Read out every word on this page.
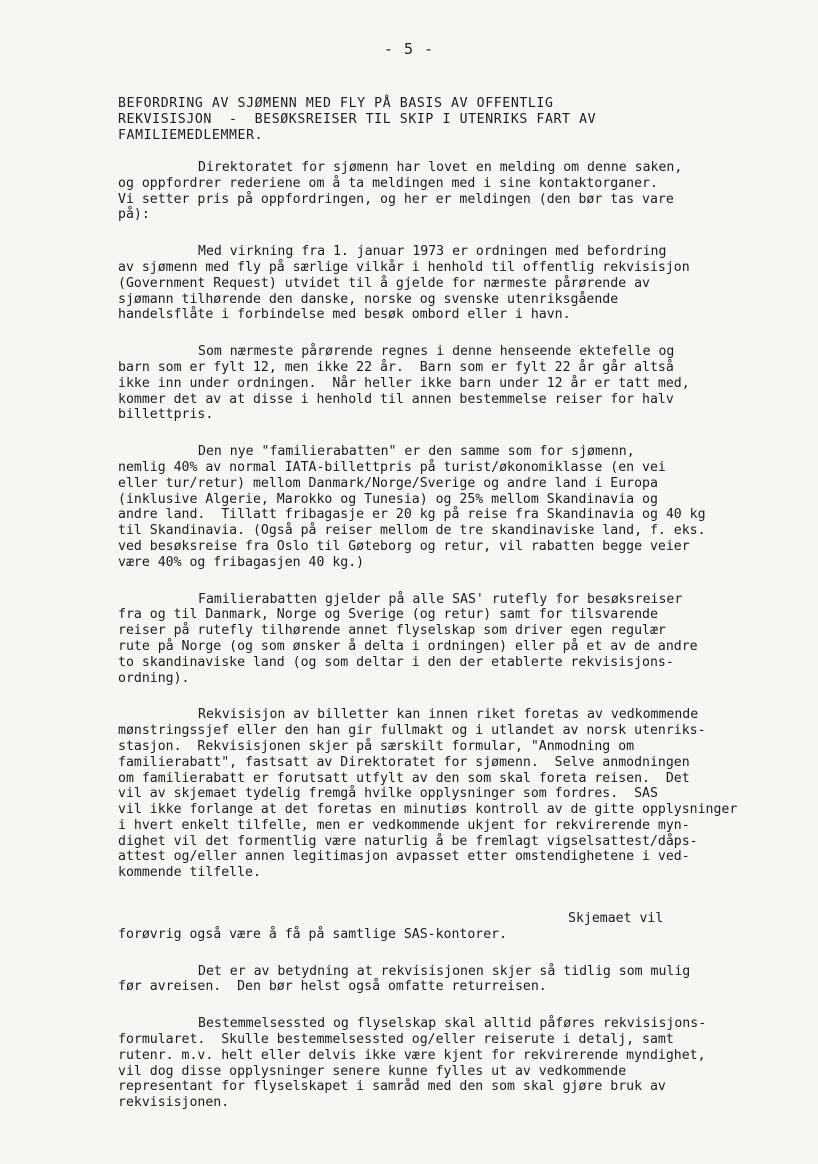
- 5 -
BEFORDRING AV SJØMENN MED FLY PÅ BASIS AV OFFENTLIG
REKVISISJON  -  BESØKSREISER TIL SKIP I UTENRIKS FART AV
FAMILIEMEDLEMMER.
Direktoratet for sjømenn har lovet en melding om denne saken,
og oppfordrer rederiene om å ta meldingen med i sine kontaktorganer.
Vi setter pris på oppfordringen, og her er meldingen (den bør tas vare
på):
Med virkning fra 1. januar 1973 er ordningen med befordring
av sjømenn med fly på særlige vilkår i henhold til offentlig rekvisisjon
(Government Request) utvidet til å gjelde for nærmeste pårørende av
sjømann tilhørende den danske, norske og svenske utenriksgående
handelsflåte i forbindelse med besøk ombord eller i havn.
Som nærmeste pårørende regnes i denne henseende ektefelle og
barn som er fylt 12, men ikke 22 år.  Barn som er fylt 22 år går altså
ikke inn under ordningen.  Når heller ikke barn under 12 år er tatt med,
kommer det av at disse i henhold til annen bestemmelse reiser for halv
billettpris.
Den nye "familierabatten" er den samme som for sjømenn,
nemlig 40% av normal IATA-billettpris på turist/økonomiklasse (en vei
eller tur/retur) mellom Danmark/Norge/Sverige og andre land i Europa
(inklusive Algerie, Marokko og Tunesia) og 25% mellom Skandinavia og
andre land.  Tillatt fribagasje er 20 kg på reise fra Skandinavia og 40 kg
til Skandinavia. (Også på reiser mellom de tre skandinaviske land, f. eks.
ved besøksreise fra Oslo til Gøteborg og retur, vil rabatten begge veier
være 40% og fribagasjen 40 kg.)
Familierabatten gjelder på alle SAS' rutefly for besøksreiser
fra og til Danmark, Norge og Sverige (og retur) samt for tilsvarende
reiser på rutefly tilhørende annet flyselskap som driver egen regulær
rute på Norge (og som ønsker å delta i ordningen) eller på et av de andre
to skandinaviske land (og som deltar i den der etablerte rekvisisjons-
ordning).
Rekvisisjon av billetter kan innen riket foretas av vedkommende
mønstringssjef eller den han gir fullmakt og i utlandet av norsk utenriks-
stasjon.  Rekvisisjonen skjer på særskilt formular, "Anmodning om
familierabatt", fastsatt av Direktoratet for sjømenn.  Selve anmodningen
om familierabatt er forutsatt utfylt av den som skal foreta reisen.  Det
vil av skjemaet tydelig fremgå hvilke opplysninger som fordres.  SAS
vil ikke forlange at det foretas en minutiøs kontroll av de gitte opplysninger
i hvert enkelt tilfelle, men er vedkommende ukjent for rekvirerende myn-
dighet vil det formentlig være naturlig å be fremlagt vigselsattest/dåps-
attest og/eller annen legitimasjon avpasset etter omstendighetene i ved-
kommende tilfelle.
Skjemaet vil
forøvrig også være å få på samtlige SAS-kontorer.
Det er av betydning at rekvisisjonen skjer så tidlig som mulig
før avreisen.  Den bør helst også omfatte returreisen.
Bestemmelsessted og flyselskap skal alltid påføres rekvisisjons-
formularet.  Skulle bestemmelsessted og/eller reiserute i detalj, samt
rutenr. m.v. helt eller delvis ikke være kjent for rekvirerende myndighet,
vil dog disse opplysninger senere kunne fylles ut av vedkommende
representant for flyselskapet i samråd med den som skal gjøre bruk av
rekvisisjonen.
